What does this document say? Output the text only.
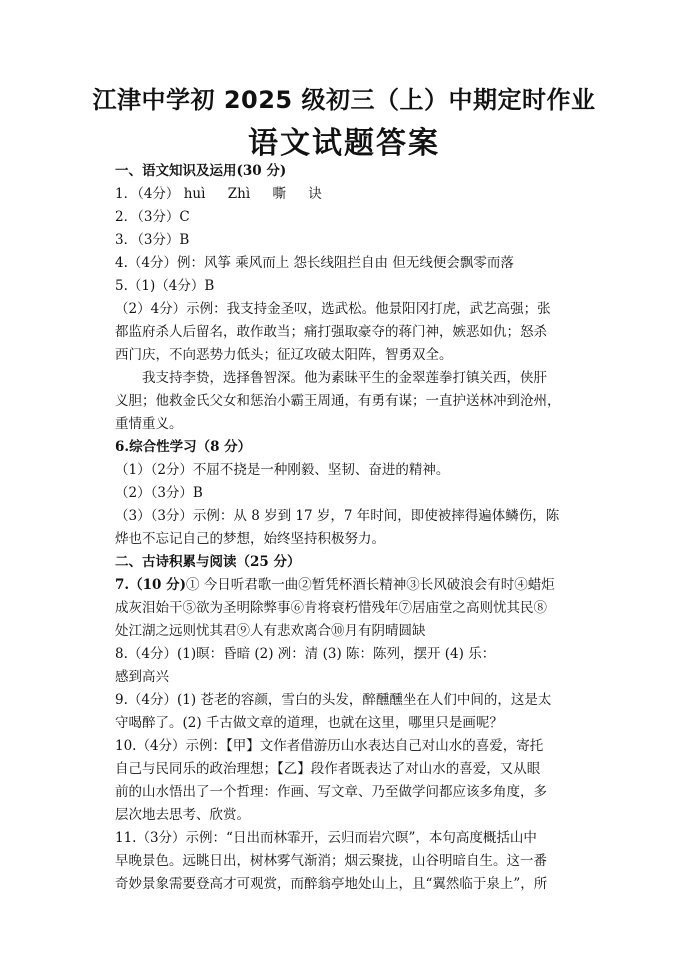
江津中学初 2025 级初三（上）中期定时作业
语文试题答案
一、语文知识及运用(30 分)
1．（4分） huì Zhì 嘶 诀
2．（3分）C
3．（3分）B
4.（4分）例：风筝 乘风而上 怨长线阻拦自由 但无线便会飘零而落
5.（1)（4分）B
（2）4分）示例：我支持金圣叹，选武松。他景阳冈打虎，武艺高强；张
都监府杀人后留名，敢作敢当；痛打强取豪夺的蒋门神，嫉恶如仇；怒杀
西门庆，不向恶势力低头；征辽攻破太阳阵，智勇双全。
我支持李贽，选择鲁智深。他为素昧平生的金翠莲拳打镇关西，侠肝
义胆；他救金氏父女和惩治小霸王周通，有勇有谋；一直护送林冲到沧州，
重情重义。
6.综合性学习（8 分）
（1）（2分）不屈不挠是一种刚毅、坚韧、奋进的精神。
（2）（3分）B
（3）（3分）示例：从 8 岁到 17 岁，7 年时间，即使被摔得遍体鳞伤，陈
烨也不忘记自己的梦想，始终坚持积极努力。
二、古诗积累与阅读（25 分）
7.（10 分)① 今日听君歌一曲②暂凭杯酒长精神③长风破浪会有时④蜡炬
成灰泪始干⑤欲为圣明除弊事⑥肯将衰朽惜残年⑦居庙堂之高则忧其民⑧
处江湖之远则忧其君⑨人有悲欢离合⑩月有阴晴圆缺
8.（4分）(1)暝：昏暗 (2) 冽：清 (3) 陈：陈列，摆开 (4) 乐：
感到高兴
9.（4分）(1) 苍老的容颜，雪白的头发，醉醺醺坐在人们中间的，这是太
守喝醉了。(2) 千古做文章的道理，也就在这里，哪里只是画呢？
10.（4分）示例：【甲】文作者借游历山水表达自己对山水的喜爱，寄托
自己与民同乐的政治理想；【乙】段作者既表达了对山水的喜爱，又从眼
前的山水悟出了一个哲理：作画、写文章、乃至做学问都应该多角度，多
层次地去思考、欣赏。
11.（3分）示例：“日出而林霏开，云归而岩穴暝”，本句高度概括山中
早晚景色。远眺日出，树林雾气渐消；烟云聚拢，山谷明暗自生。这一番
奇妙景象需要登高才可观赏，而醉翁亭地处山上，且“翼然临于泉上”，所
